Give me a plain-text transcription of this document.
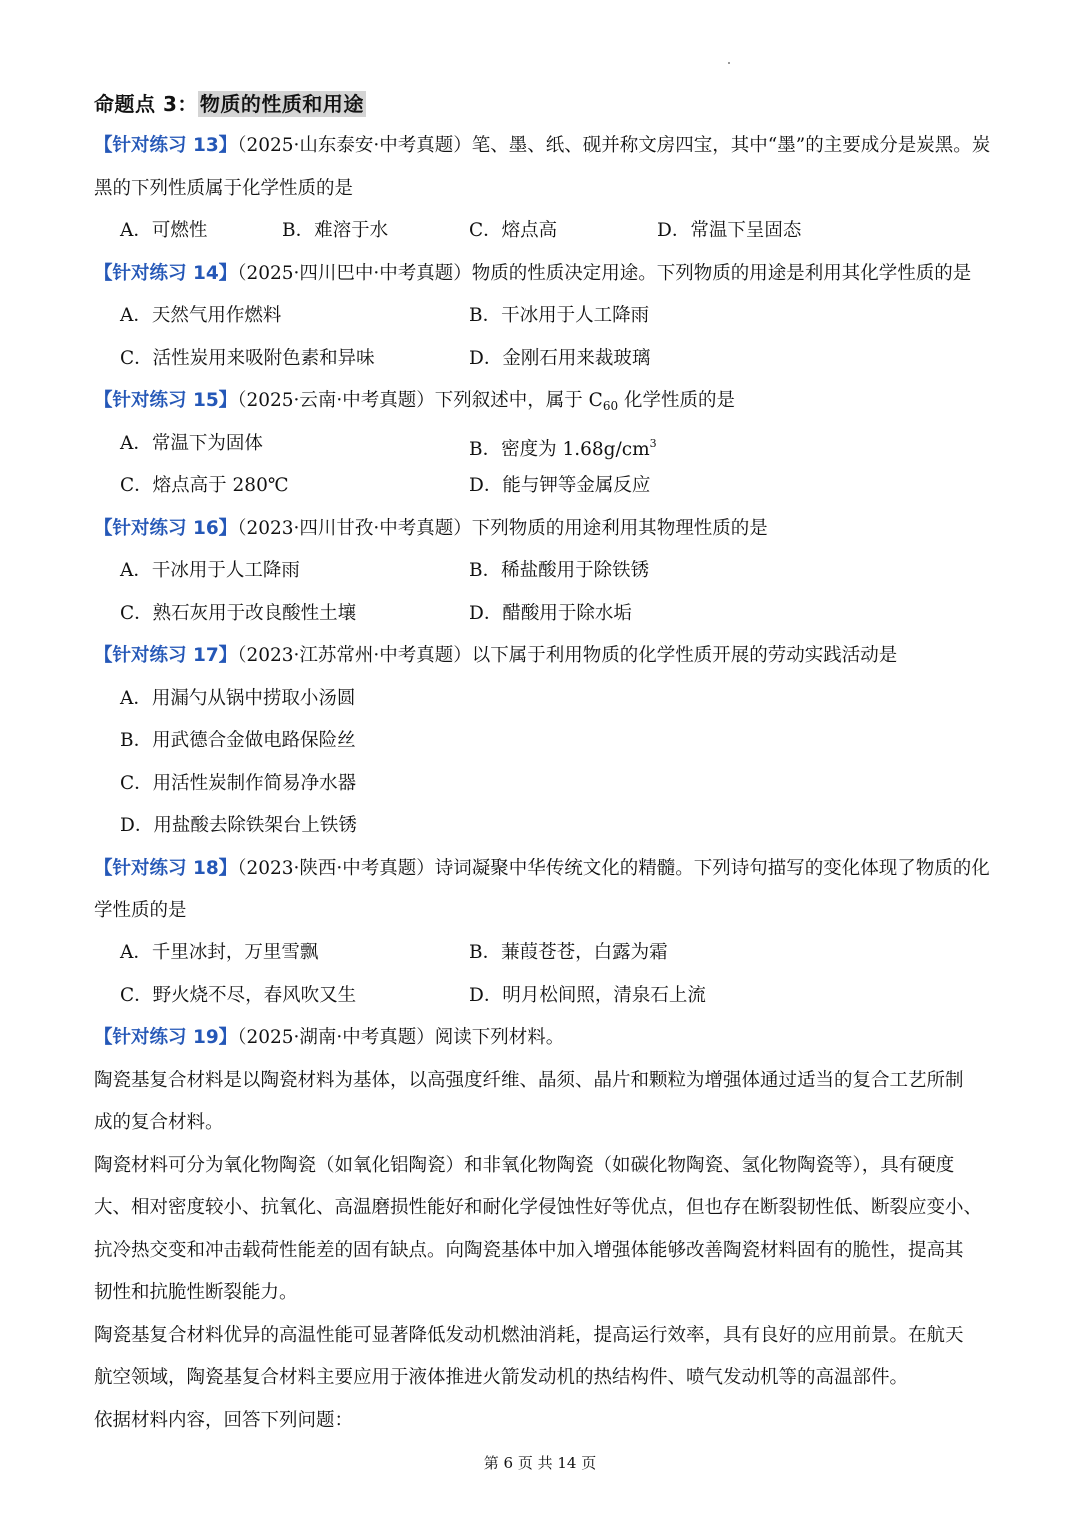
命题点 3： 物质的性质和用途
【针对练习 13】（2025·山东泰安·中考真题）笔、墨、纸、砚并称文房四宝，其中“墨”的主要成分是炭黑。炭
黑的下列性质属于化学性质的是
A．可燃性	B．难溶于水	C．熔点高	D．常温下呈固态
【针对练习 14】（2025·四川巴中·中考真题）物质的性质决定用途。下列物质的用途是利用其化学性质的是
A．天然气用作燃料	B．干冰用于人工降雨
C．活性炭用来吸附色素和异味	D．金刚石用来裁玻璃
【针对练习 15】（2025·云南·中考真题）下列叙述中，属于 $C_{60}$ 化学性质的是
A．常温下为固体	B．密度为 $1.68g/cm^3$
C．熔点高于 280℃	D．能与钾等金属反应
【针对练习 16】（2023·四川甘孜·中考真题）下列物质的用途利用其物理性质的是
A．干冰用于人工降雨	B．稀盐酸用于除铁锈
C．熟石灰用于改良酸性土壤	D．醋酸用于除水垢
【针对练习 17】（2023·江苏常州·中考真题）以下属于利用物质的化学性质开展的劳动实践活动是
A．用漏勺从锅中捞取小汤圆
B．用武德合金做电路保险丝
C．用活性炭制作简易净水器
D．用盐酸去除铁架台上铁锈
【针对练习 18】（2023·陕西·中考真题）诗词凝聚中华传统文化的精髓。下列诗句描写的变化体现了物质的化
学性质的是
A．千里冰封，万里雪飘	B．蒹葭苍苍，白露为霜
C．野火烧不尽，春风吹又生	D．明月松间照，清泉石上流
【针对练习 19】（2025·湖南·中考真题）阅读下列材料。
陶瓷基复合材料是以陶瓷材料为基体，以高强度纤维、晶须、晶片和颗粒为增强体通过适当的复合工艺所制
成的复合材料。
陶瓷材料可分为氧化物陶瓷（如氧化铝陶瓷）和非氧化物陶瓷（如碳化物陶瓷、氢化物陶瓷等），具有硬度
大、相对密度较小、抗氧化、高温磨损性能好和耐化学侵蚀性好等优点，但也存在断裂韧性低、断裂应变小、
抗冷热交变和冲击载荷性能差的固有缺点。向陶瓷基体中加入增强体能够改善陶瓷材料固有的脆性，提高其
韧性和抗脆性断裂能力。
陶瓷基复合材料优异的高温性能可显著降低发动机燃油消耗，提高运行效率，具有良好的应用前景。在航天
航空领域，陶瓷基复合材料主要应用于液体推进火箭发动机的热结构件、喷气发动机等的高温部件。
依据材料内容，回答下列问题：
第 6 页 共 14 页
